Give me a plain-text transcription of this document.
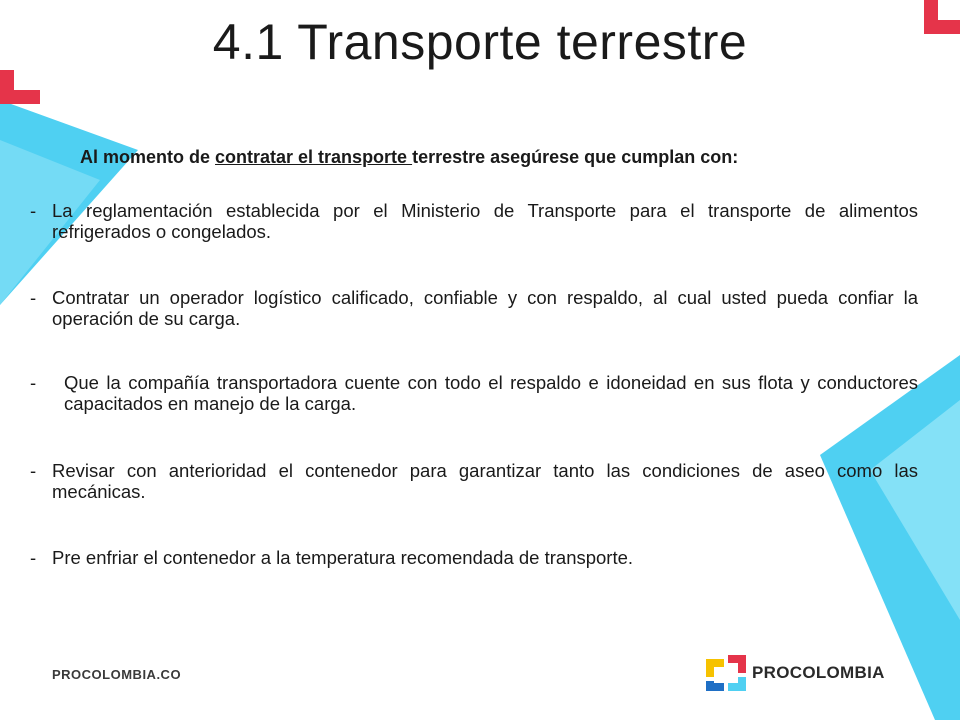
4.1 Transporte terrestre
Al momento de contratar el transporte terrestre asegúrese que cumplan con:
- La reglamentación establecida por el Ministerio de Transporte para el transporte de alimentos refrigerados o congelados.
- Contratar un operador logístico calificado, confiable y con respaldo, al cual usted pueda confiar la operación de su carga.
- Que la compañía transportadora cuente con todo el respaldo e idoneidad en sus flota y conductores capacitados en manejo de la carga.
- Revisar con anterioridad el contenedor para garantizar tanto las condiciones de aseo como las mecánicas.
- Pre enfriar el contenedor a la temperatura recomendada de transporte.
PROCOLOMBIA.CO	PROCOLOMBIA
